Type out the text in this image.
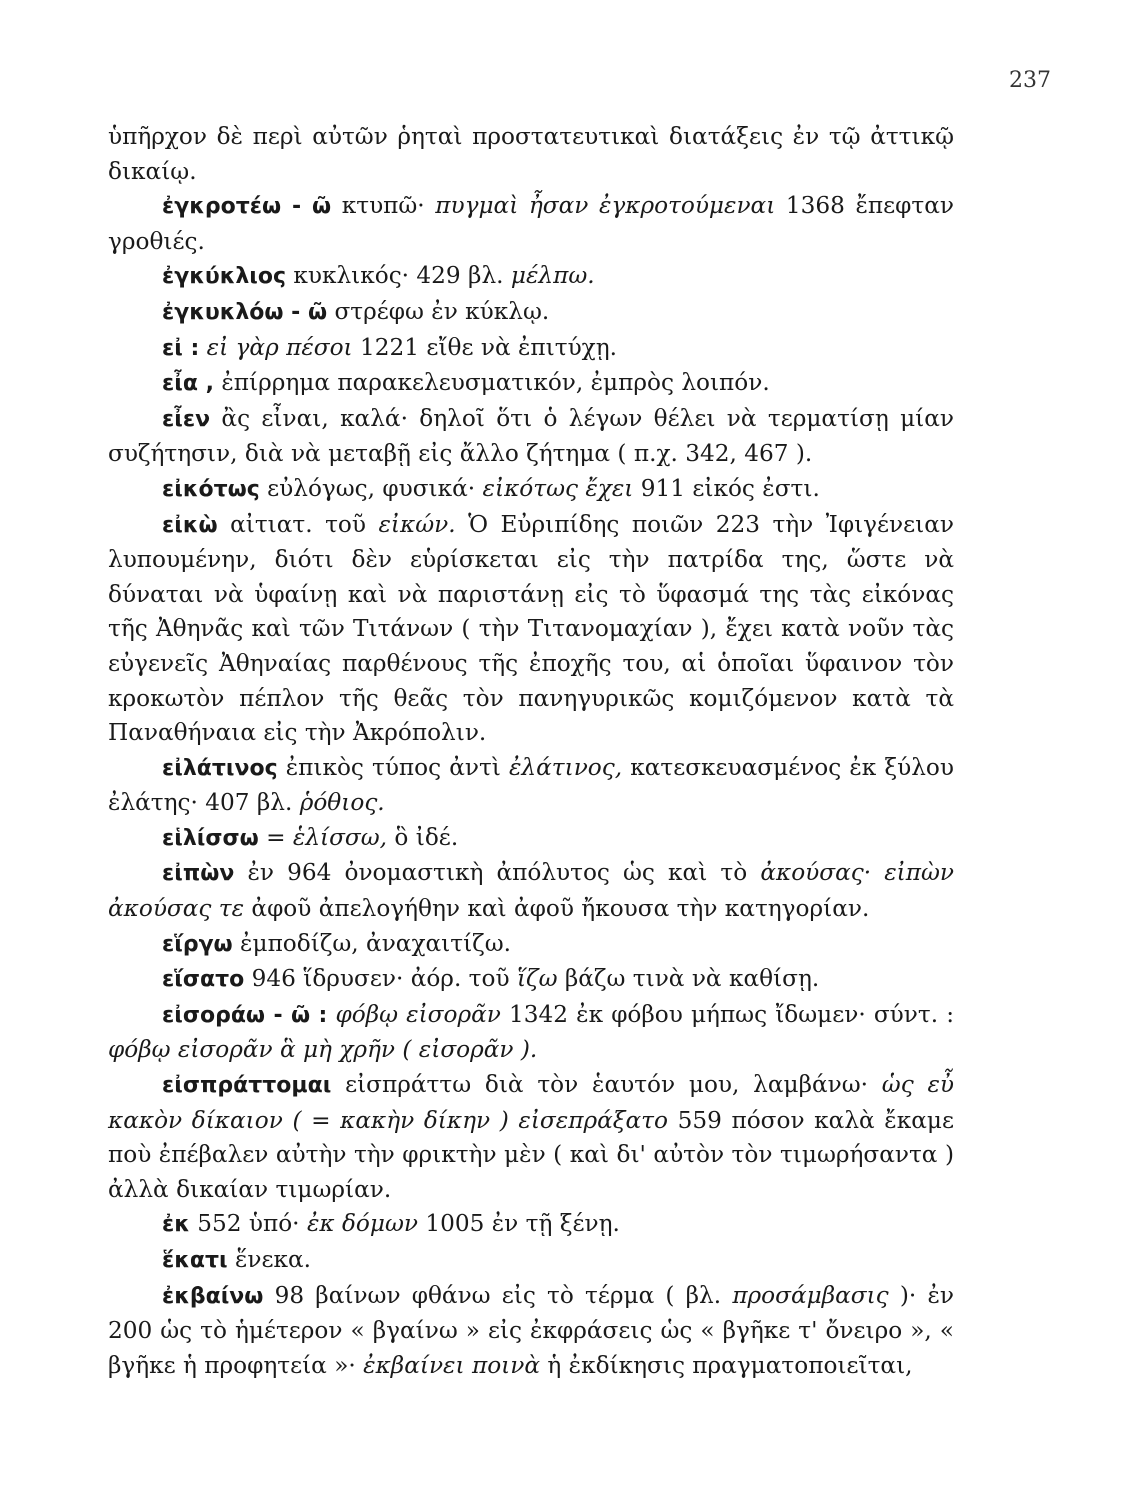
237

ὑπῆρχον δὲ περὶ αὐτῶν ῥηταὶ προστατευτικαὶ διατάξεις ἐν τῷ ἀττικῷ δικαίῳ.

ἐγκροτέω - ῶ κτυπῶ· πυγμαὶ ἦσαν ἐγκροτούμεναι 1368 ἔπεφταν γροθιές.

ἐγκύκλιος κυκλικός· 429 βλ. μέλπω.

ἐγκυκλόω - ῶ στρέφω ἐν κύκλῳ.

εἰ : εἰ γὰρ πέσοι 1221 εἴθε νὰ ἐπιτύχῃ.

εἶα , ἐπίρρημα παρακελευσματικόν, ἐμπρὸς λοιπόν.

εἶεν ἂς εἶναι, καλά· δηλοῖ ὅτι ὁ λέγων θέλει νὰ τερματίσῃ μίαν συζήτησιν, διὰ νὰ μεταβῇ εἰς ἄλλο ζήτημα ( π.χ. 342, 467 ).

εἰκότως εὐλόγως, φυσικά· εἰκότως ἔχει 911 εἰκός ἐστι.

εἰκὼ αἰτιατ. τοῦ εἰκών. Ὁ Εὐριπίδης ποιῶν 223 τὴν Ἰφιγένειαν λυπουμένην, διότι δὲν εὑρίσκεται εἰς τὴν πατρίδα της, ὥστε νὰ δύναται νὰ ὑφαίνῃ καὶ νὰ παριστάνῃ εἰς τὸ ὕφασμά της τὰς εἰκόνας τῆς Ἀθηνᾶς καὶ τῶν Τιτάνων ( τὴν Τιτανομαχίαν ), ἔχει κατὰ νοῦν τὰς εὐγενεῖς Ἀθηναίας παρθένους τῆς ἐποχῆς του, αἱ ὁποῖαι ὕφαινον τὸν κροκωτὸν πέπλον τῆς θεᾶς τὸν πανηγυρικῶς κομιζόμενον κατὰ τὰ Παναθήναια εἰς τὴν Ἀκρόπολιν.

εἰλάτινος ἐπικὸς τύπος ἀντὶ ἐλάτινος, κατεσκευασμένος ἐκ ξύλου ἐλάτης· 407 βλ. ῥόθιος.

εἱλίσσω = ἑλίσσω, ὃ ἰδέ.

εἰπὼν ἐν 964 ὀνομαστικὴ ἀπόλυτος ὡς καὶ τὸ ἀκούσας· εἰπὼν ἀκούσας τε ἀφοῦ ἀπελογήθην καὶ ἀφοῦ ἤκουσα τὴν κατηγορίαν.

εἵργω ἐμποδίζω, ἀναχαιτίζω.

εἵσατο 946 ἵδρυσεν· ἀόρ. τοῦ ἵζω βάζω τινὰ νὰ καθίσῃ.

εἰσοράω - ῶ : φόβῳ εἰσορᾶν 1342 ἐκ φόβου μήπως ἴδωμεν· σύντ. : φόβῳ εἰσορᾶν ἃ μὴ χρῆν ( εἰσορᾶν ).

εἰσπράττομαι εἰσπράττω διὰ τὸν ἑαυτόν μου, λαμβάνω· ὡς εὖ κακὸν δίκαιον ( = κακὴν δίκην ) εἰσεπράξατο 559 πόσον καλὰ ἔκαμε ποὺ ἐπέβαλεν αὐτὴν τὴν φρικτὴν μὲν ( καὶ δι' αὐτὸν τὸν τιμωρήσαντα ) ἀλλὰ δικαίαν τιμωρίαν.

ἐκ 552 ὑπό· ἐκ δόμων 1005 ἐν τῇ ξένῃ.

ἕκατι ἕνεκα.

ἐκβαίνω 98 βαίνων φθάνω εἰς τὸ τέρμα ( βλ. προσάμβασις )· ἐν 200 ὡς τὸ ἡμέτερον « βγαίνω » εἰς ἐκφράσεις ὡς « βγῆκε τ' ὄνειρο », « βγῆκε ἡ προφητεία »· ἐκβαίνει ποινὰ ἡ ἐκδίκησις πραγματοποιεῖται,
